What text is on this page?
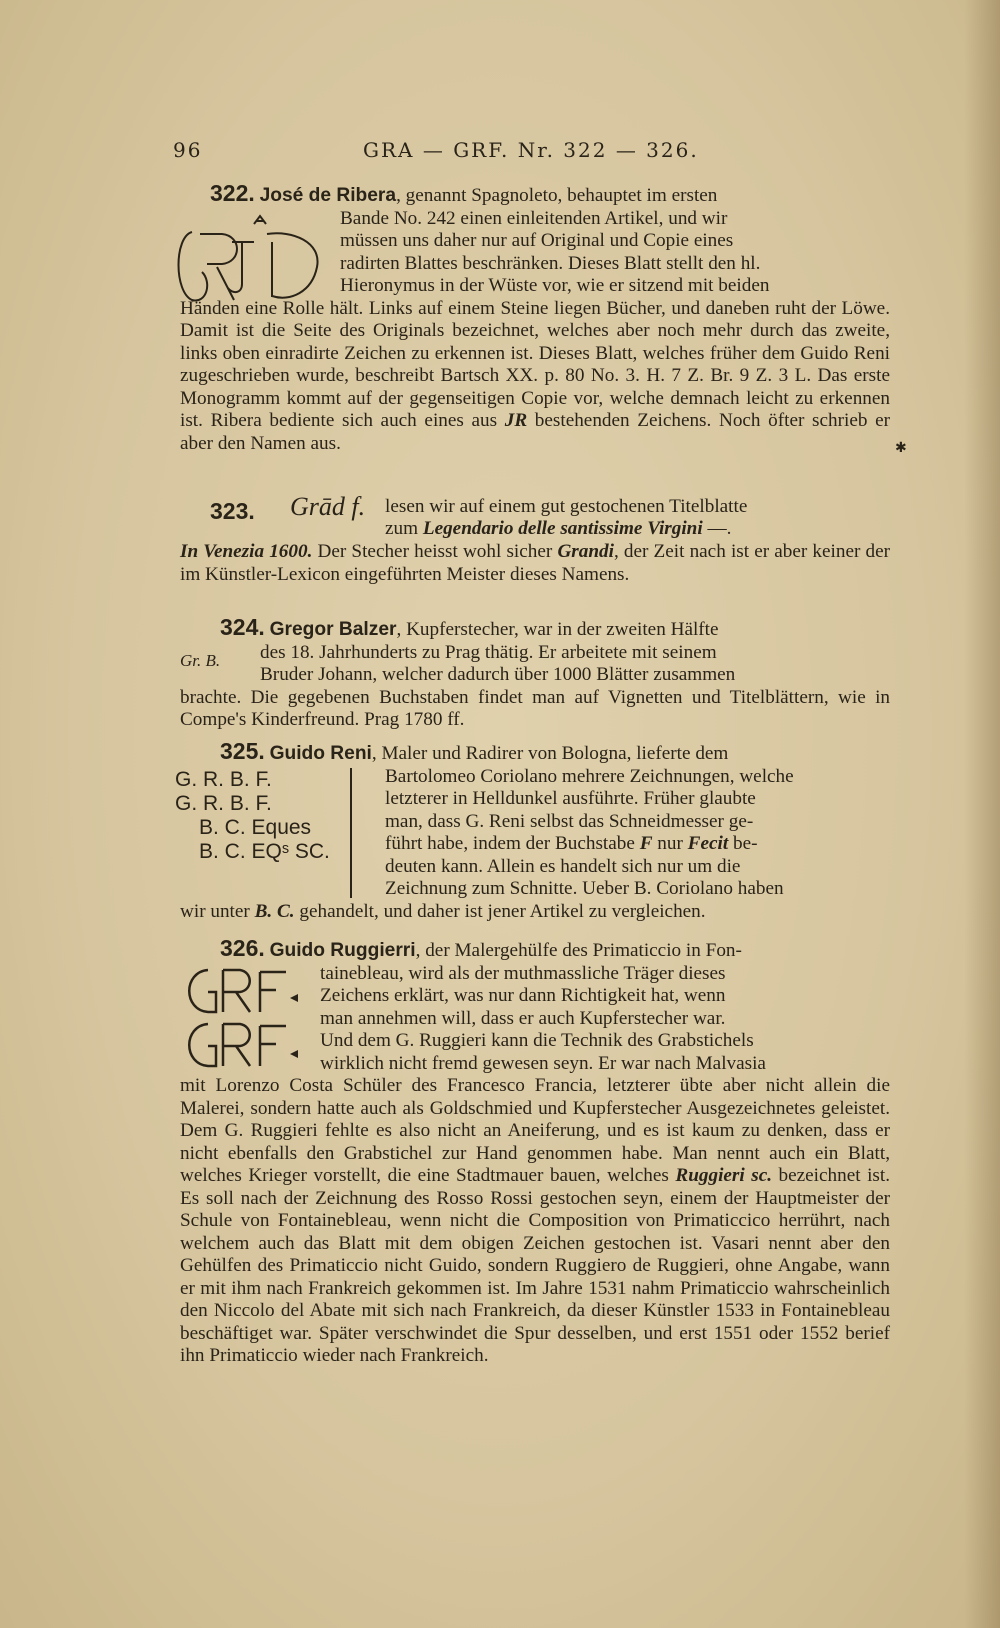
96	GRA — GRF. Nr. 322 — 326.
322. José de Ribera, genannt Spagnoleto, behauptet im ersten
Bande No. 242 einen einleitenden Artikel, und wir
müssen uns daher nur auf Original und Copie eines
radirten Blattes beschränken. Dieses Blatt stellt den hl.
Hieronymus in der Wüste vor, wie er sitzend mit beiden
Händen eine Rolle hält. Links auf einem Steine liegen Bücher, und daneben ruht der Löwe. Damit ist die Seite des Originals bezeichnet, welches aber noch mehr durch das zweite, links oben einradirte Zeichen zu erkennen ist. Dieses Blatt, welches früher dem Guido Reni zugeschrieben wurde, beschreibt Bartsch XX. p. 80 No. 3. H. 7 Z. Br. 9 Z. 3 L. Das erste Monogramm kommt auf der gegenseitigen Copie vor, welche demnach leicht zu erkennen ist. Ribera bediente sich auch eines aus JR bestehenden Zeichens. Noch öfter schrieb er aber den Namen aus.	✱
323. Grād f. lesen wir auf einem gut gestochenen Titelblatte
zum Legendario delle santissime Virgini —.
In Venezia 1600. Der Stecher heisst wohl sicher Grandi, der Zeit nach ist er aber keiner der im Künstler-Lexicon eingeführten Meister dieses Namens.
324. Gregor Balzer, Kupferstecher, war in der zweiten Hälfte
Gr. B. des 18. Jahrhunderts zu Prag thätig. Er arbeitete mit seinem
Bruder Johann, welcher dadurch über 1000 Blätter zusammen
brachte. Die gegebenen Buchstaben findet man auf Vignetten und Titelblättern, wie in Compe's Kinderfreund. Prag 1780 ff.
325. Guido Reni, Maler und Radirer von Bologna, lieferte dem
G. R. B. F.
G. R. B. F.
B. C. Eques
B. C. EQˢ SC.
Bartolomeo Coriolano mehrere Zeichnungen, welche
letzterer in Helldunkel ausführte. Früher glaubte
man, dass G. Reni selbst das Schneidmesser ge-
führt habe, indem der Buchstabe F nur Fecit be-
deuten kann. Allein es handelt sich nur um die
Zeichnung zum Schnitte. Ueber B. Coriolano haben
wir unter B. C. gehandelt, und daher ist jener Artikel zu vergleichen.
326. Guido Ruggierri, der Malergehülfe des Primaticcio in Fon-
tainebleau, wird als der muthmassliche Träger dieses
Zeichens erklärt, was nur dann Richtigkeit hat, wenn
man annehmen will, dass er auch Kupferstecher war.
Und dem G. Ruggieri kann die Technik des Grabstichels
wirklich nicht fremd gewesen seyn. Er war nach Malvasia
mit Lorenzo Costa Schüler des Francesco Francia, letzterer übte aber nicht allein die Malerei, sondern hatte auch als Goldschmied und Kupferstecher Ausgezeichnetes geleistet. Dem G. Ruggieri fehlte es also nicht an Aneiferung, und es ist kaum zu denken, dass er nicht ebenfalls den Grabstichel zur Hand genommen habe. Man nennt auch ein Blatt, welches Krieger vorstellt, die eine Stadtmauer bauen, welches Ruggieri sc. bezeichnet ist. Es soll nach der Zeichnung des Rosso Rossi gestochen seyn, einem der Hauptmeister der Schule von Fontainebleau, wenn nicht die Composition von Primaticcico herrührt, nach welchem auch das Blatt mit dem obigen Zeichen gestochen ist. Vasari nennt aber den Gehülfen des Primaticcio nicht Guido, sondern Ruggiero de Ruggieri, ohne Angabe, wann er mit ihm nach Frankreich gekommen ist. Im Jahre 1531 nahm Primaticcio wahrscheinlich den Niccolo del Abate mit sich nach Frankreich, da dieser Künstler 1533 in Fontainebleau beschäftiget war. Später verschwindet die Spur desselben, und erst 1551 oder 1552 berief ihn Primaticcio wieder nach Frankreich.
